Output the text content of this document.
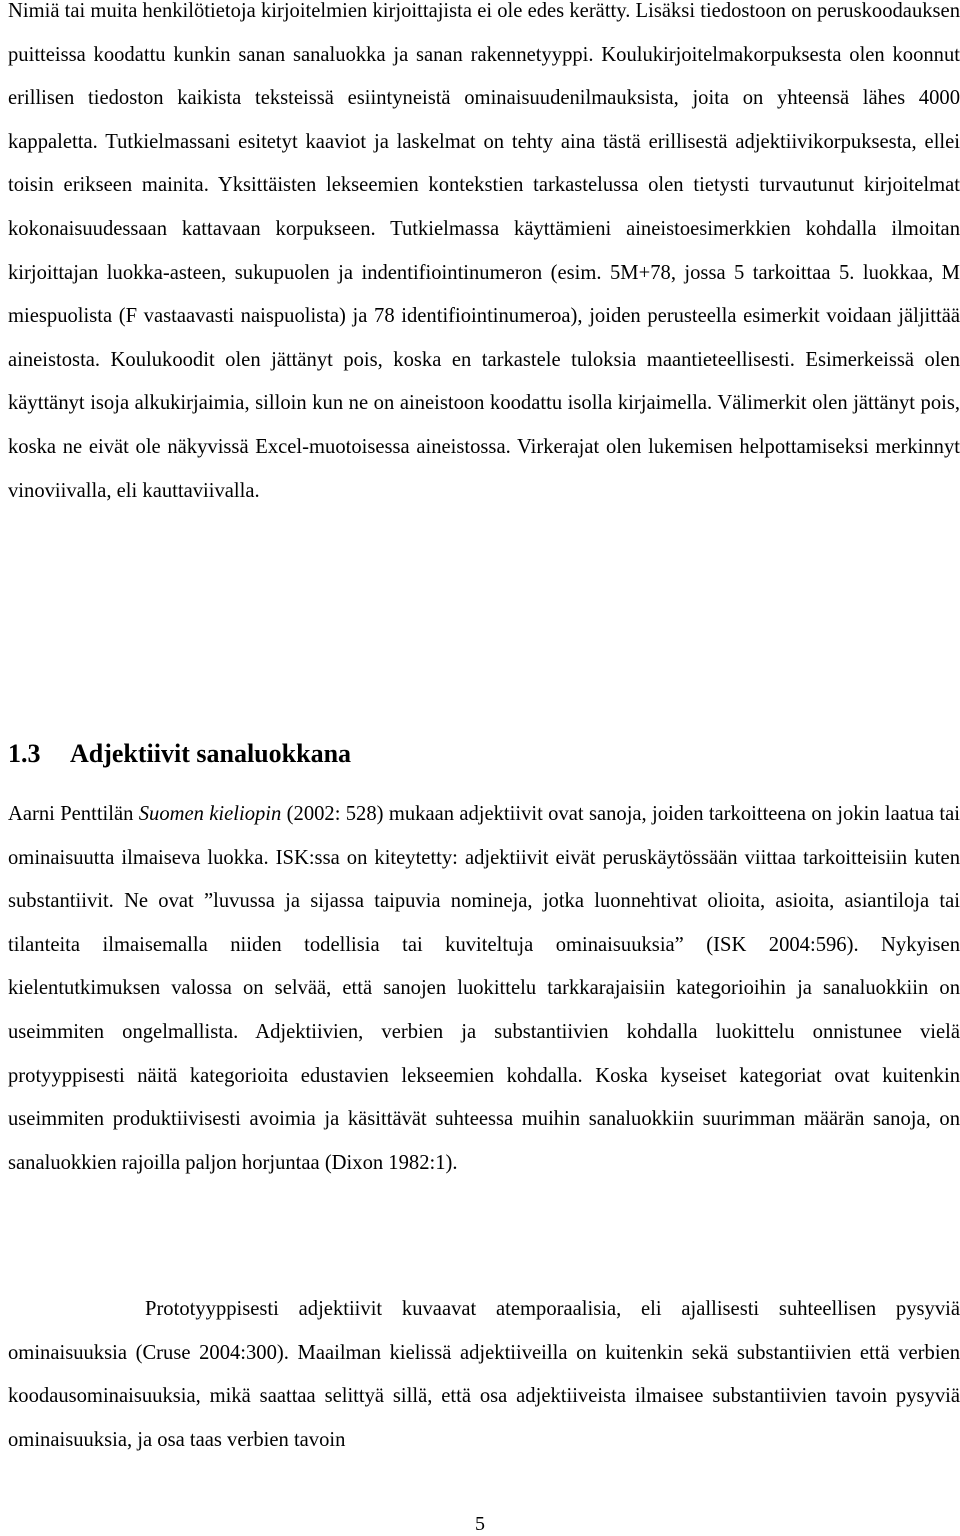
Nimiä tai muita henkilötietoja kirjoitelmien kirjoittajista ei ole edes kerätty. Lisäksi tiedostoon on peruskoodauksen puitteissa koodattu kunkin sanan sanaluokka ja sanan rakennetyyppi. Koulukirjoitelmakorpuksesta olen koonnut erillisen tiedoston kaikista teksteissä esiintyneistä ominaisuudenilmauksista, joita on yhteensä lähes 4000 kappaletta. Tutkielmassani esitetyt kaaviot ja laskelmat on tehty aina tästä erillisestä adjektiivikorpuksesta, ellei toisin erikseen mainita. Yksittäisten lekseemien kontekstien tarkastelussa olen tietysti turvautunut kirjoitelmat kokonaisuudessaan kattavaan korpukseen. Tutkielmassa käyttämieni aineistoesimerkkien kohdalla ilmoitan kirjoittajan luokka-asteen, sukupuolen ja indentifiointinumeron (esim. 5M+78, jossa 5 tarkoittaa 5. luokkaa, M miespuolista (F vastaavasti naispuolista) ja 78 identifiointinumeroa), joiden perusteella esimerkit voidaan jäljittää aineistosta. Koulukoodit olen jättänyt pois, koska en tarkastele tuloksia maantieteellisesti. Esimerkeissä olen käyttänyt isoja alkukirjaimia, silloin kun ne on aineistoon koodattu isolla kirjaimella. Välimerkit olen jättänyt pois, koska ne eivät ole näkyvissä Excel-muotoisessa aineistossa. Virkerajat olen lukemisen helpottamiseksi merkinnyt vinoviivalla, eli kauttaviivalla.

1.3 Adjektiivit sanaluokkana

Aarni Penttilän Suomen kieliopin (2002: 528) mukaan adjektiivit ovat sanoja, joiden tarkoitteena on jokin laatua tai ominaisuutta ilmaiseva luokka. ISK:ssa on kiteytetty: adjektiivit eivät peruskäytössään viittaa tarkoitteisiin kuten substantiivit. Ne ovat ”luvussa ja sijassa taipuvia nomineja, jotka luonnehtivat olioita, asioita, asiantiloja tai tilanteita ilmaisemalla niiden todellisia tai kuviteltuja ominaisuuksia” (ISK 2004:596). Nykyisen kielentutkimuksen valossa on selvää, että sanojen luokittelu tarkkarajaisiin kategorioihin ja sanaluokkiin on useimmiten ongelmallista. Adjektiivien, verbien ja substantiivien kohdalla luokittelu onnistunee vielä protyyppisesti näitä kategorioita edustavien lekseemien kohdalla. Koska kyseiset kategoriat ovat kuitenkin useimmiten produktiivisesti avoimia ja käsittävät suhteessa muihin sanaluokkiin suurimman määrän sanoja, on sanaluokkien rajoilla paljon horjuntaa (Dixon 1982:1).

Prototyyppisesti adjektiivit kuvaavat atemporaalisia, eli ajallisesti suhteellisen pysyviä ominaisuuksia (Cruse 2004:300). Maailman kielissä adjektiiveilla on kuitenkin sekä substantiivien että verbien koodausominaisuuksia, mikä saattaa selittyä sillä, että osa adjektiiveista ilmaisee substantiivien tavoin pysyviä ominaisuuksia, ja osa taas verbien tavoin

5
